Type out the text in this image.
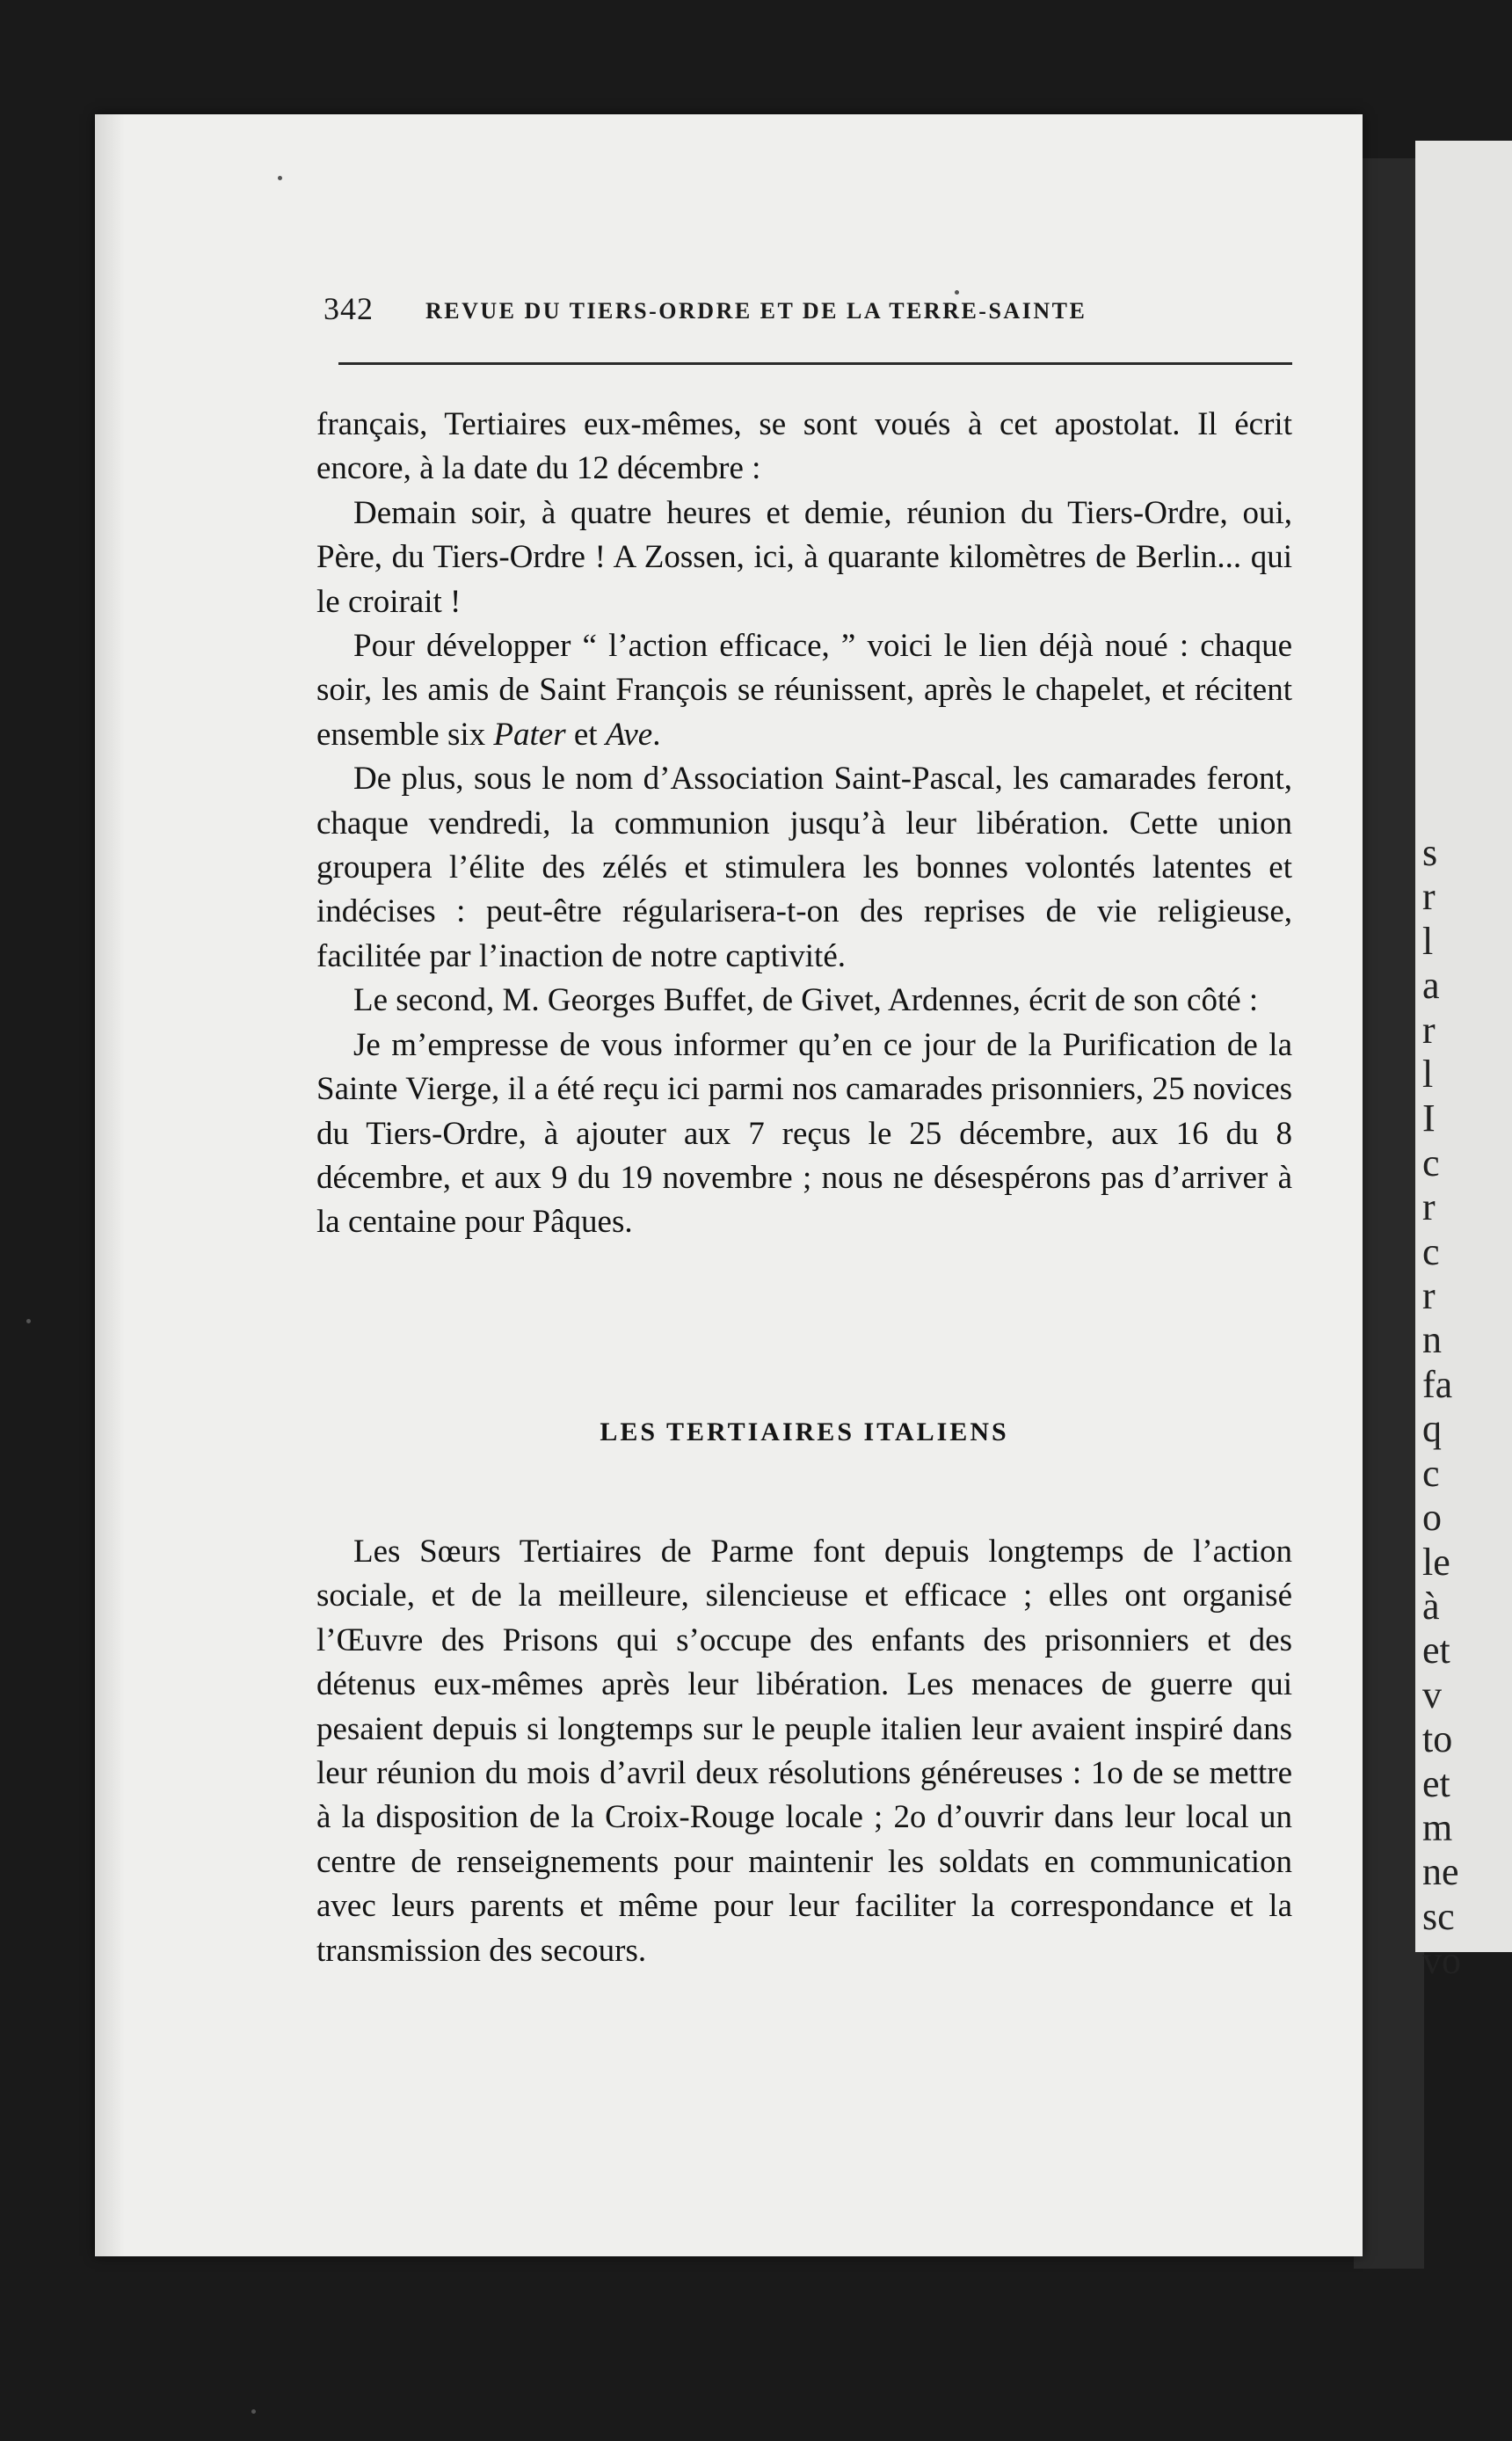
s
r
l
a
r
l
I
c
r
c
r
n
fa
q
c
o
le
à
et
v
to
et
m
ne
sc
vo
342 REVUE DU TIERS-ORDRE ET DE LA TERRE-SAINTE

français, Tertiaires eux-mêmes, se sont voués à cet apostolat. Il écrit encore, à la date du 12 décembre :

Demain soir, à quatre heures et demie, réunion du Tiers-Ordre, oui, Père, du Tiers-Ordre ! A Zossen, ici, à quarante kilomètres de Berlin... qui le croirait !

Pour développer “ l’action efficace, ” voici le lien déjà noué : chaque soir, les amis de Saint François se réunissent, après le chapelet, et récitent ensemble six Pater et Ave.

De plus, sous le nom d’Association Saint-Pascal, les camarades feront, chaque vendredi, la communion jusqu’à leur libération. Cette union groupera l’élite des zélés et stimulera les bonnes volontés latentes et indécises : peut-être régularisera-t-on des reprises de vie religieuse, facilitée par l’inaction de notre captivité.

Le second, M. Georges Buffet, de Givet, Ardennes, écrit de son côté :

Je m’empresse de vous informer qu’en ce jour de la Purification de la Sainte Vierge, il a été reçu ici parmi nos camarades prisonniers, 25 novices du Tiers-Ordre, à ajouter aux 7 reçus le 25 décembre, aux 16 du 8 décembre, et aux 9 du 19 novembre ; nous ne désespérons pas d’arriver à la centaine pour Pâques.

LES TERTIAIRES ITALIENS

Les Sœurs Tertiaires de Parme font depuis longtemps de l’action sociale, et de la meilleure, silencieuse et efficace ; elles ont organisé l’Œuvre des Prisons qui s’occupe des enfants des prisonniers et des détenus eux-mêmes après leur libération. Les menaces de guerre qui pesaient depuis si longtemps sur le peuple italien leur avaient inspiré dans leur réunion du mois d’avril deux résolutions généreuses : 1o de se mettre à la disposition de la Croix-Rouge locale ; 2o d’ouvrir dans leur local un centre de renseignements pour maintenir les soldats en communication avec leurs parents et même pour leur faciliter la correspondance et la transmission des secours.
